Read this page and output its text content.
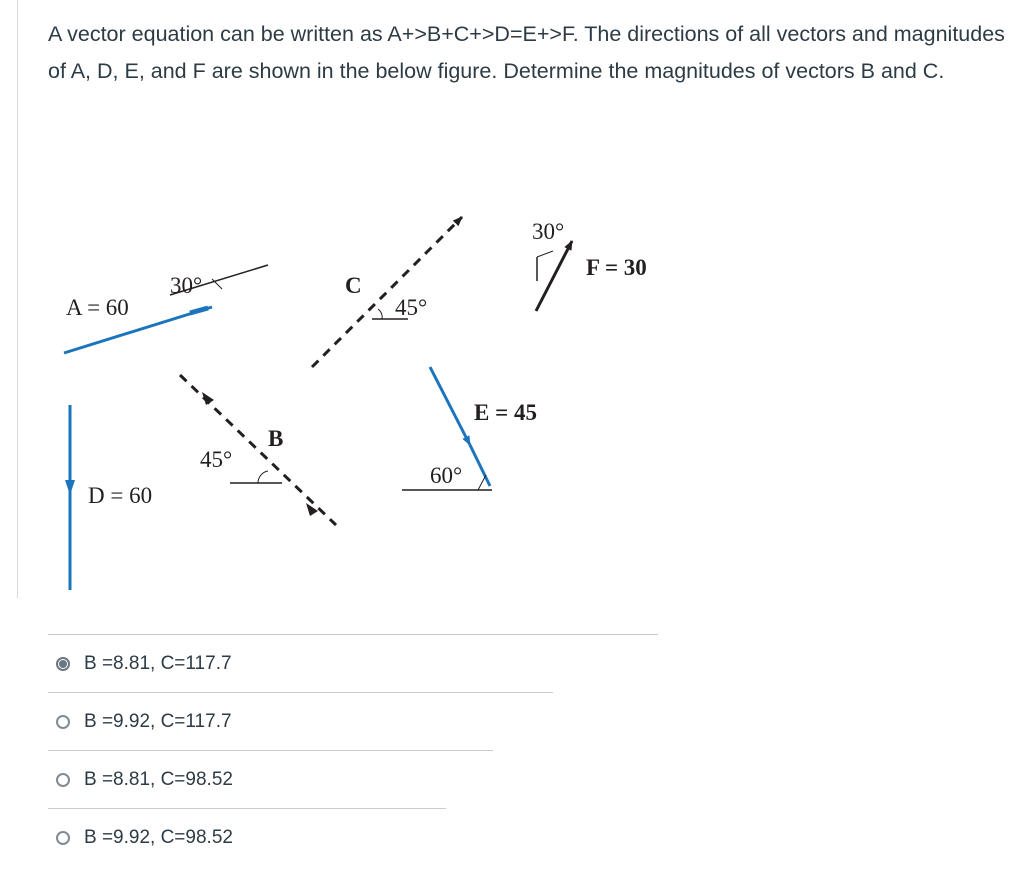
A vector equation can be written as A+>B+C+>D=E+>F. The directions of all vectors and magnitudes of A, D, E, and F are shown in the below figure. Determine the magnitudes of vectors B and C.
A = 60
30°	C
45°
30°
F = 30
B
45°
E = 45
60°
D = 60
B =8.81, C=117.7
B =9.92, C=117.7
B =8.81, C=98.52
B =9.92, C=98.52
